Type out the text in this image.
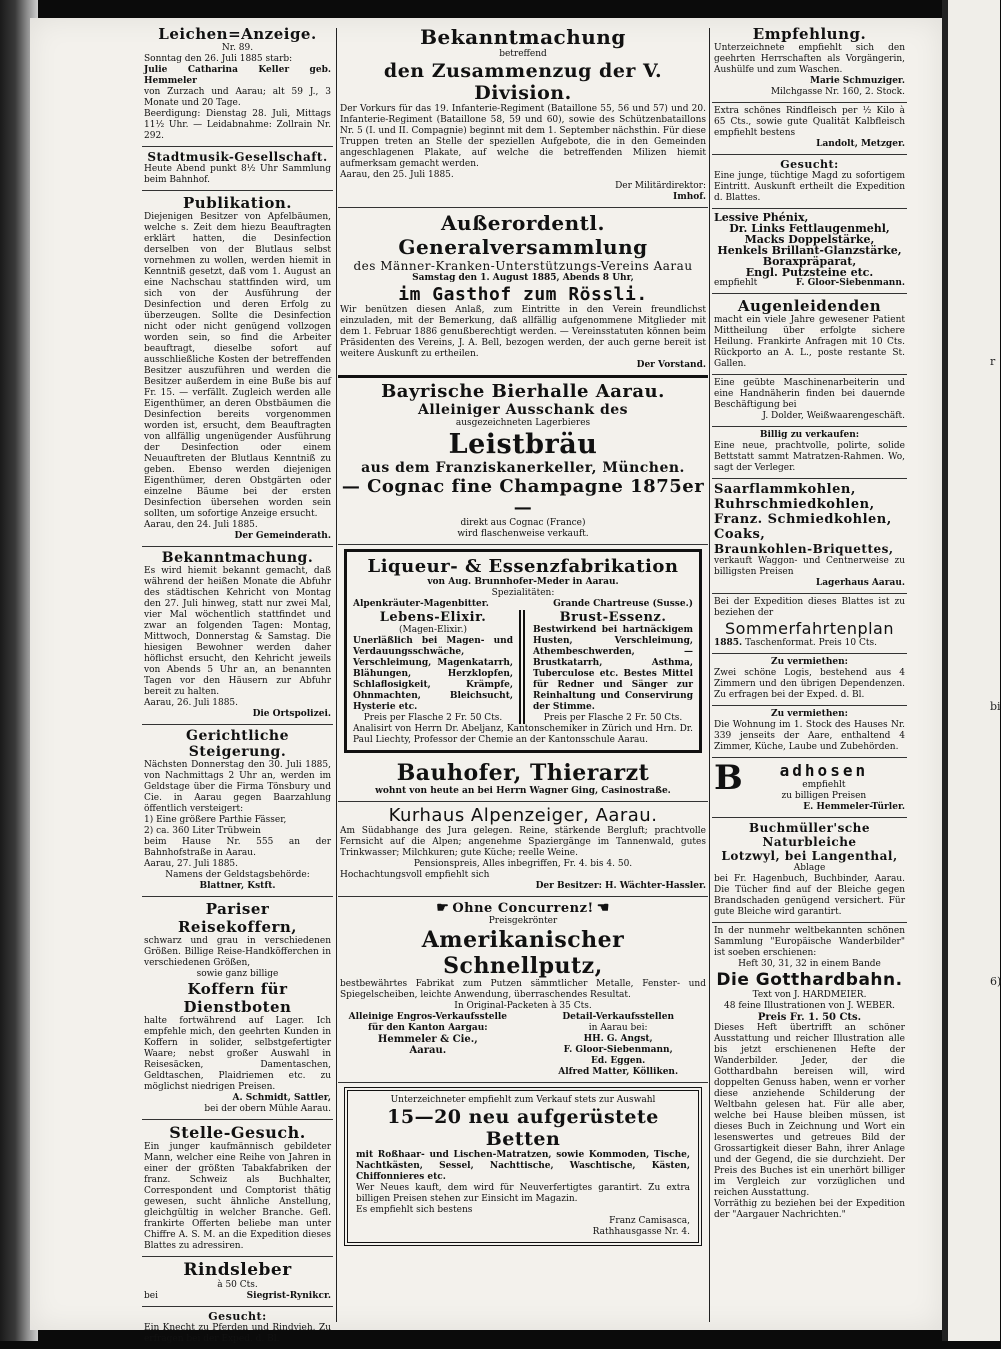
r
bi
6)
Leichen=Anzeige.

Nr. 89.

Sonntag den 26. Juli 1885 starb:

Julie Catharina Keller geb. Hemmeler

von Zurzach und Aarau; alt 59 J., 3 Monate und 20 Tage.

Beerdigung: Dienstag 28. Juli, Mittags 11½ Uhr. — Leidabnahme: Zollrain Nr. 292.

Stadtmusik-Gesellschaft.

Heute Abend punkt 8½ Uhr Sammlung beim Bahnhof.

Publikation.

Diejenigen Besitzer von Apfelbäumen, welche s. Zeit dem hiezu Beauftragten erklärt hatten, die Desinfection derselben von der Blutlaus selbst vornehmen zu wollen, werden hiemit in Kenntniß gesetzt, daß vom 1. August an eine Nachschau stattfinden wird, um sich von der Ausführung der Desinfection und deren Erfolg zu überzeugen. Sollte die Desinfection nicht oder nicht genügend vollzogen worden sein, so find die Arbeiter beauftragt, dieselbe sofort auf ausschließliche Kosten der betreffenden Besitzer auszuführen und werden die Besitzer außerdem in eine Buße bis auf Fr. 15. — verfällt. Zugleich werden alle Eigenthümer, an deren Obstbäumen die Desinfection bereits vorgenommen worden ist, ersucht, dem Beauftragten von allfällig ungenügender Ausführung der Desinfection oder einem Neuauftreten der Blutlaus Kenntniß zu geben. Ebenso werden diejenigen Eigenthümer, deren Obstgärten oder einzelne Bäume bei der ersten Desinfection übersehen worden sein sollten, um sofortige Anzeige ersucht.

Aarau, den 24. Juli 1885.

Der Gemeinderath.

Bekanntmachung.

Es wird hiemit bekannt gemacht, daß während der heißen Monate die Abfuhr des städtischen Kehricht von Montag den 27. Juli hinweg, statt nur zwei Mal, vier Mal wöchentlich stattfindet und zwar an folgenden Tagen: Montag, Mittwoch, Donnerstag & Samstag. Die hiesigen Bewohner werden daher höflichst ersucht, den Kehricht jeweils von Abends 5 Uhr an, an benannten Tagen vor den Häusern zur Abfuhr bereit zu halten.

Aarau, 26. Juli 1885.

Die Ortspolizei.

Gerichtliche Steigerung.

Nächsten Donnerstag den 30. Juli 1885, von Nachmittags 2 Uhr an, werden im Geldstage über die Firma Tönsbury und Cie. in Aarau gegen Baarzahlung öffentlich versteigert:

1) Eine größere Parthie Fässer,

2) ca. 360 Liter Trübwein

beim Hause Nr. 555 an der Bahnhofstraße in Aarau.

Aarau, 27. Juli 1885.

Namens der Geldstagsbehörde:

Blattner, Kstft.

Pariser Reisekoffern,

schwarz und grau in verschiedenen Größen. Billige Reise-Handköfferchen in verschiedenen Größen,

sowie ganz billige

Koffern für Dienstboten

halte fortwährend auf Lager. Ich empfehle mich, den geehrten Kunden in Koffern in solider, selbstgefertigter Waare; nebst großer Auswahl in Reisesäcken, Damentaschen, Geldtaschen, Plaidriemen etc. zu möglichst niedrigen Preisen.

A. Schmidt, Sattler,

bei der obern Mühle Aarau.

Stelle-Gesuch.

Ein junger kaufmännisch gebildeter Mann, welcher eine Reihe von Jahren in einer der größten Tabakfabriken der franz. Schweiz als Buchhalter, Correspondent und Comptorist thätig gewesen, sucht ähnliche Anstellung, gleichgültig in welcher Branche. Gefl. frankirte Offerten beliebe man unter Chiffre A. S. M. an die Expedition dieses Blattes zu adressiren.

Rindsleber

à 50 Cts.

bei	Siegrist-Rynikcr.
Gesucht:

Ein Knecht zu Pferden und Rindvieh. Zu erfragen bei der Exped. d. Bl.

Bekanntmachung

betreffend

den Zusammenzug der V. Division.

Der Vorkurs für das 19. Infanterie-Regiment (Bataillone 55, 56 und 57) und 20. Infanterie-Regiment (Bataillone 58, 59 und 60), sowie des Schützenbataillons Nr. 5 (I. und II. Compagnie) beginnt mit dem 1. September nächsthin. Für diese Truppen treten an Stelle der speziellen Aufgebote, die in den Gemeinden angeschlagenen Plakate, auf welche die betreffenden Milizen hiemit aufmerksam gemacht werden.

Aarau, den 25. Juli 1885.

Der Militärdirektor:

Imhof.

Außerordentl. Generalversammlung
des Männer-Kranken-Unterstützungs-Vereins Aarau

Samstag den 1. August 1885, Abends 8 Uhr,

im Gasthof zum Rössli.

Wir benützen diesen Anlaß, zum Eintritte in den Verein freundlichst einzuladen, mit der Bemerkung, daß allfällig aufgenommene Mitglieder mit dem 1. Februar 1886 genußberechtigt werden. — Vereinsstatuten können beim Präsidenten des Vereins, J. A. Bell, bezogen werden, der auch gerne bereit ist weitere Auskunft zu ertheilen.

Der Vorstand.

Bayrische Bierhalle Aarau.
Alleiniger Ausschank des

ausgezeichneten Lagerbieres

Leistbräu
aus dem Franziskanerkeller, München.
— Cognac fine Champagne 1875er —

direkt aus Cognac (France)

wird flaschenweise verkauft.

Liqueur- & Essenzfabrikation

von Aug. Brunnhofer-Meder in Aarau.

Spezialitäten:

Alpenkräuter-Magenbitter.	Grande Chartreuse (Susse.)
Lebens-Elixir.

(Magen-Elixir.)

Unerläßlich bei Magen- und Verdauungsschwäche, Verschleimung, Magenkatarrh, Blähungen, Herzklopfen, Schlaflosigkeit, Krämpfe, Ohnmachten, Bleichsucht, Hysterie etc.

Preis per Flasche 2 Fr. 50 Cts.

Brust-Essenz.

Bestwirkend bei hartnäckigem Husten, Verschleimung, Athembeschwerden, — Brustkatarrh, Asthma, Tuberculose etc. Bestes Mittel für Redner und Sänger zur Reinhaltung und Conservirung der Stimme.

Preis per Flasche 2 Fr. 50 Cts.

Analisirt von Herrn Dr. Abeljanz, Kantonschemiker in Zürich und Hrn. Dr. Paul Liechty, Professor der Chemie an der Kantonsschule Aarau.

Bauhofer, Thierarzt

wohnt von heute an bei Herrn Wagner Ging, Casinostraße.

Kurhaus Alpenzeiger, Aarau.

Am Südabhange des Jura gelegen. Reine, stärkende Bergluft; prachtvolle Fernsicht auf die Alpen; angenehme Spaziergänge im Tannenwald, gutes Trinkwasser; Milchkuren; gute Küche; reelle Weine.

Pensionspreis, Alles inbegriffen, Fr. 4. bis 4. 50.

Hochachtungsvoll empfiehlt sich

Der Besitzer: H. Wächter-Hassler.

☛ Ohne Concurrenz! ☚

Preisgekrönter

Amerikanischer Schnellputz,

bestbewährtes Fabrikat zum Putzen sämmtlicher Metalle, Fenster- und Spiegelscheiben, leichte Anwendung, überraschendes Resultat.

In Original-Packeten à 35 Cts.

Alleinige Engros-Verkaufsstelle

für den Kanton Aargau:

Hemmeler & Cie.,

Aarau.

Detail-Verkaufsstellen

in Aarau bei:

HH. G. Angst,

F. Gloor-Siebenmann,

Ed. Eggen.

Alfred Matter, Kölliken.

Unterzeichneter empfiehlt zum Verkauf stets zur Auswahl

15—20 neu aufgerüstete Betten

mit Roßhaar- und Lischen-Matratzen, sowie Kommoden, Tische, Nachtkästen, Sessel, Nachttische, Waschtische, Kästen, Chiffonnieres etc.

Wer Neues kauft, dem wird für Neuverfertigtes garantirt. Zu extra billigen Preisen stehen zur Einsicht im Magazin.

Es empfiehlt sich bestens

Franz Camisasca,

Rathhausgasse Nr. 4.

Empfehlung.

Unterzeichnete empfiehlt sich den geehrten Herrschaften als Vorgängerin, Aushülfe und zum Waschen.

Marie Schmuziger.

Milchgasse Nr. 160, 2. Stock.

Extra schönes Rindfleisch per ½ Kilo à 65 Cts., sowie gute Qualität Kalbfleisch empfiehlt bestens

Landolt, Metzger.

Gesucht:

Eine junge, tüchtige Magd zu sofortigem Eintritt. Auskunft ertheilt die Expedition d. Blattes.

Lessive Phénix,

Dr. Links Fettlaugenmehl,

Macks Doppelstärke,

Henkels Brillant-Glanzstärke,

Boraxpräparat,

Engl. Putzsteine etc.

empfiehlt	F. Gloor-Siebenmann.
Augenleidenden

macht ein viele Jahre gewesener Patient Mittheilung über erfolgte sichere Heilung. Frankirte Anfragen mit 10 Cts. Rückporto an A. L., poste restante St. Gallen.

Eine geübte Maschinenarbeiterin und eine Handnäherin finden bei dauernde Beschäftigung bei

J. Dolder, Weißwaarengeschäft.

Billig zu verkaufen:

Eine neue, prachtvolle, polirte, solide Bettstatt sammt Matratzen-Rahmen. Wo, sagt der Verleger.

Saarflammkohlen,
Ruhrschmiedkohlen,
Franz. Schmiedkohlen,
Coaks,
Braunkohlen-Briquettes,

verkauft Waggon- und Centnerweise zu billigsten Preisen

Lagerhaus Aarau.

Bei der Expedition dieses Blattes ist zu beziehen der

Sommerfahrtenplan

1885. Taschenformat. Preis 10 Cts.

Zu vermiethen:

Zwei schöne Logis, bestehend aus 4 Zimmern und den übrigen Dependenzen. Zu erfragen bei der Exped. d. Bl.

Zu vermiethen:

Die Wohnung im 1. Stock des Hauses Nr. 339 jenseits der Aare, enthaltend 4 Zimmer, Küche, Laube und Zubehörden.

B	adhosen

empfiehlt

zu billigen Preisen

E. Hemmeler-Türler.

Buchmüller'sche Naturbleiche
Lotzwyl, bei Langenthal,

Ablage

bei Fr. Hagenbuch, Buchbinder, Aarau. Die Tücher find auf der Bleiche gegen Brandschaden genügend versichert. Für gute Bleiche wird garantirt.

In der nunmehr weltbekannten schönen Sammlung "Europäische Wanderbilder" ist soeben erschienen:

Heft 30, 31, 32 in einem Bande

Die Gotthardbahn.

Text von J. HARDMEIER.

48 feine Illustrationen von J. WEBER.

Preis Fr. 1. 50 Cts.

Dieses Heft übertrifft an schöner Ausstattung und reicher Illustration alle bis jetzt erschienenen Hefte der Wanderbilder. Jeder, der die Gotthardbahn bereisen will, wird doppelten Genuss haben, wenn er vorher diese anziehende Schilderung der Weltbahn gelesen hat. Für alle aber, welche bei Hause bleiben müssen, ist dieses Buch in Zeichnung und Wort ein lesenswertes und getreues Bild der Grossartigkeit dieser Bahn, ihrer Anlage und der Gegend, die sie durchzieht. Der Preis des Buches ist ein unerhört billiger im Vergleich zur vorzüglichen und reichen Ausstattung.

Vorräthig zu beziehen bei der Expedition der "Aargauer Nachrichten."
